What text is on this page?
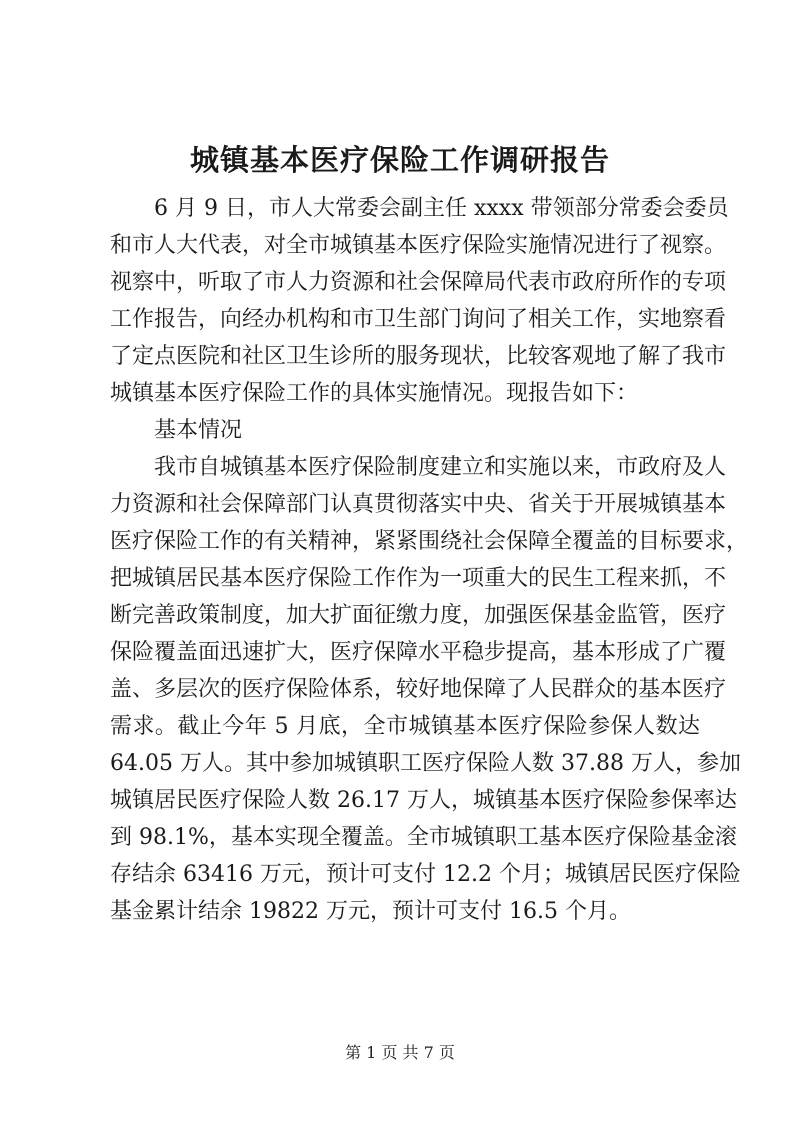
城镇基本医疗保险工作调研报告
6 月 9 日，市人大常委会副主任 xxxx 带领部分常委会委员
和市人大代表，对全市城镇基本医疗保险实施情况进行了视察。
视察中，听取了市人力资源和社会保障局代表市政府所作的专项
工作报告，向经办机构和市卫生部门询问了相关工作，实地察看
了定点医院和社区卫生诊所的服务现状，比较客观地了解了我市
城镇基本医疗保险工作的具体实施情况。现报告如下：
基本情况
我市自城镇基本医疗保险制度建立和实施以来，市政府及人
力资源和社会保障部门认真贯彻落实中央、省关于开展城镇基本
医疗保险工作的有关精神，紧紧围绕社会保障全覆盖的目标要求，
把城镇居民基本医疗保险工作作为一项重大的民生工程来抓，不
断完善政策制度，加大扩面征缴力度，加强医保基金监管，医疗
保险覆盖面迅速扩大，医疗保障水平稳步提高，基本形成了广覆
盖、多层次的医疗保险体系，较好地保障了人民群众的基本医疗
需求。截止今年 5 月底，全市城镇基本医疗保险参保人数达
64.05 万人。其中参加城镇职工医疗保险人数 37.88 万人，参加
城镇居民医疗保险人数 26.17 万人，城镇基本医疗保险参保率达
到 98.1%，基本实现全覆盖。全市城镇职工基本医疗保险基金滚
存结余 63416 万元，预计可支付 12.2 个月；城镇居民医疗保险
基金累计结余 19822 万元，预计可支付 16.5 个月。
第 1 页 共 7 页
